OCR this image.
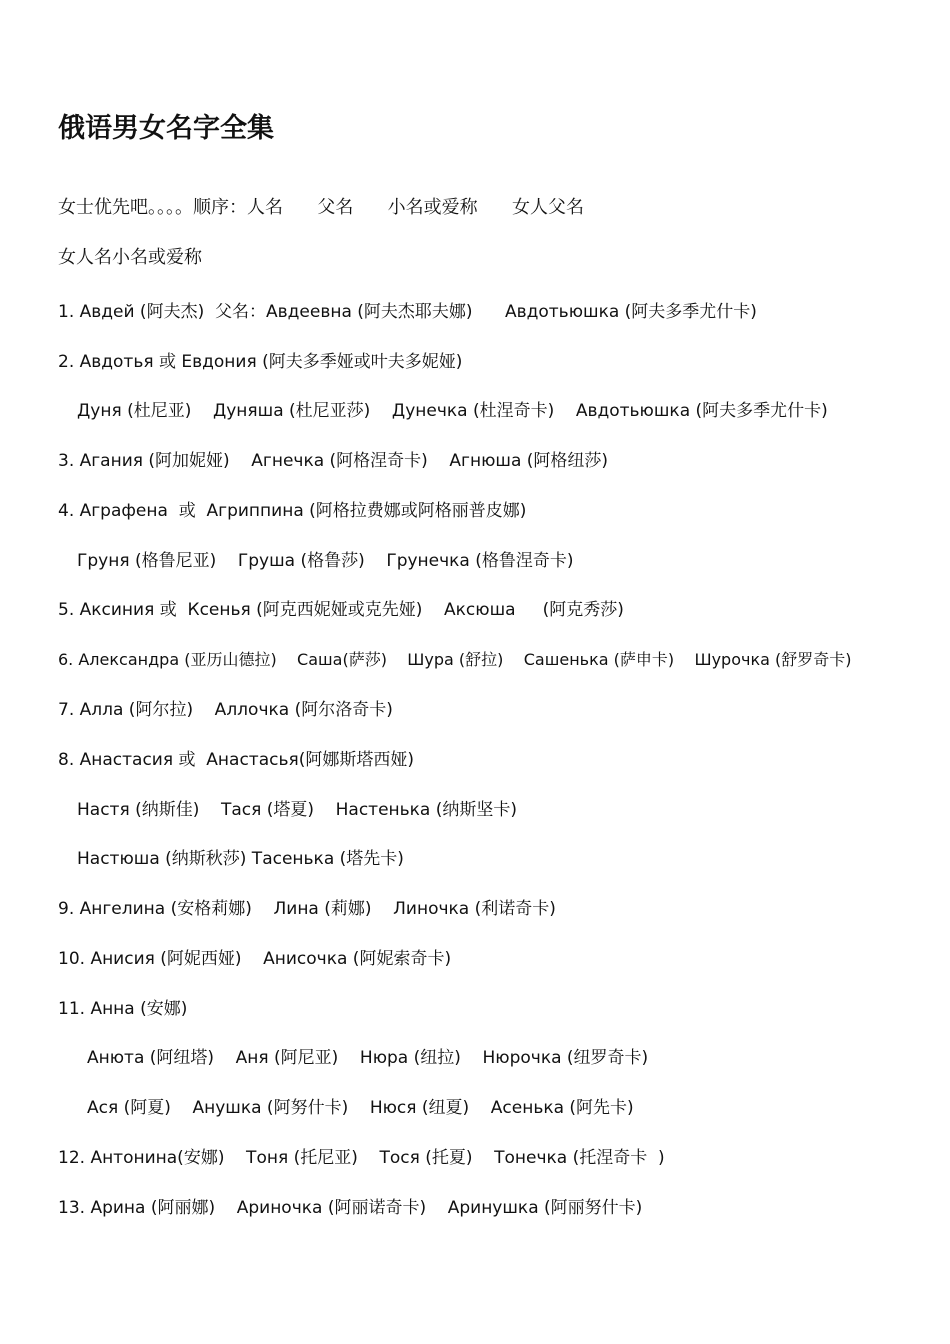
俄语男女名字全集
女士优先吧。。。。顺序：人名      父名      小名或爱称      女人父名
女人名小名或爱称
1. Авдей (阿夫杰)  父名：Авдеевна (阿夫杰耶夫娜)      Авдотьюшка (阿夫多季尤什卡)
2. Авдотья 或 Евдония (阿夫多季娅或叶夫多妮娅)
Дуня (杜尼亚)    Дуняша (杜尼亚莎)    Дунечка (杜涅奇卡)    Авдотьюшка (阿夫多季尤什卡)
3. Агания (阿加妮娅)    Агнечка (阿格涅奇卡)    Агнюша (阿格纽莎)
4. Аграфена  或  Агриппина (阿格拉费娜或阿格丽普皮娜)
Груня (格鲁尼亚)    Груша (格鲁莎)    Грунечка (格鲁涅奇卡)
5. Аксиния 或  Ксенья (阿克西妮娅或克先娅)    Аксюша     (阿克秀莎)
6. Александра (亚历山德拉)    Саша(萨莎)    Шура (舒拉)    Сашенька (萨申卡)    Шурочка (舒罗奇卡)
7. Алла (阿尔拉)    Аллочка (阿尔洛奇卡)
8. Анастасия 或  Анастасья(阿娜斯塔西娅)
Настя (纳斯佳)    Тася (塔夏)    Настенька (纳斯坚卡)
Настюша (纳斯秋莎) Тасенька (塔先卡)
9. Ангелина (安格莉娜)    Лина (莉娜)    Линочка (利诺奇卡)
10. Анисия (阿妮西娅)    Анисочка (阿妮索奇卡)
11. Анна (安娜)
Анюта (阿纽塔)    Аня (阿尼亚)    Нюра (纽拉)    Нюрочка (纽罗奇卡)
Ася (阿夏)    Анушка (阿努什卡)    Нюся (纽夏)    Асенька (阿先卡)
12. Антонина(安娜)    Тоня (托尼亚)    Тося (托夏)    Тонечка (托涅奇卡  )
13. Арина (阿丽娜)    Ариночка (阿丽诺奇卡)    Аринушка (阿丽努什卡)
